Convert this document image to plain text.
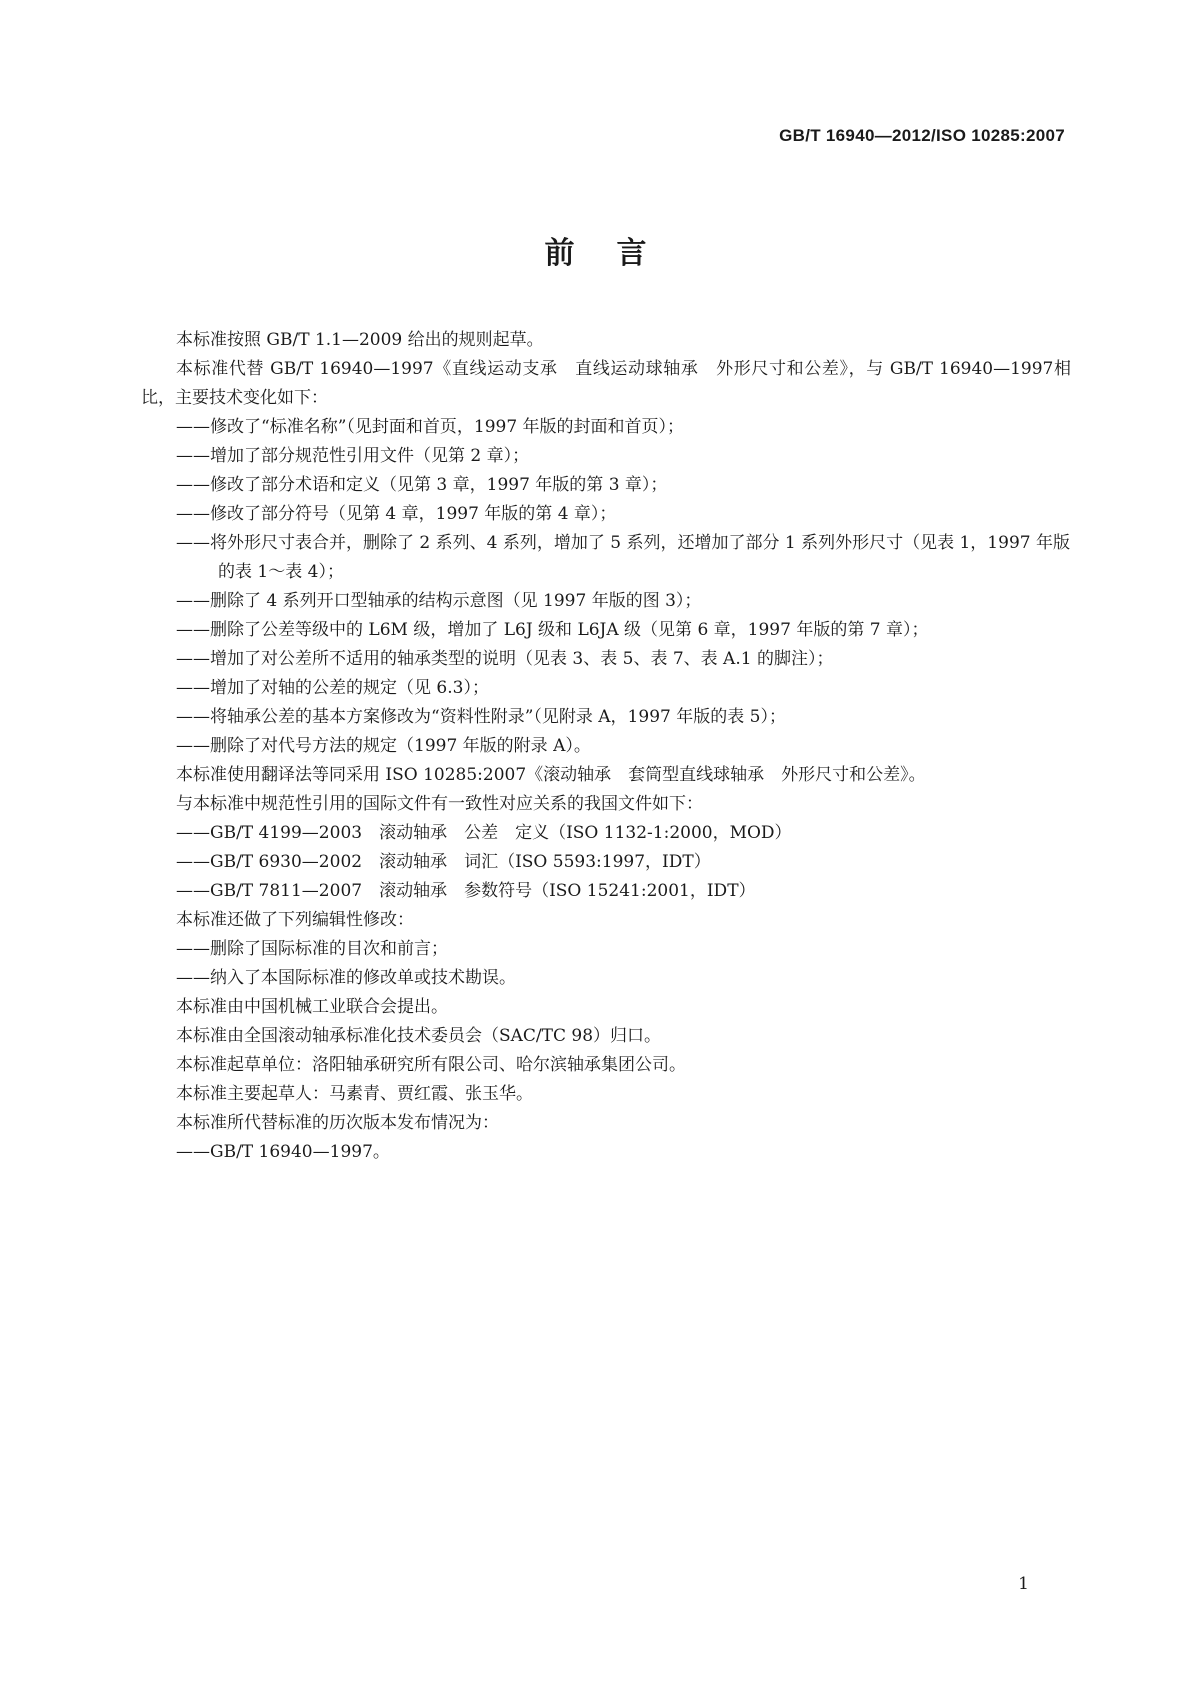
GB/T 16940—2012/ISO 10285:2007
前言
本标准按照 GB/T 1.1—2009 给出的规则起草。
本标准代替 GB/T 16940—1997《直线运动支承　直线运动球轴承　外形尺寸和公差》，与 GB/T 16940—1997相比，主要技术变化如下：
——修改了“标准名称”（见封面和首页，1997 年版的封面和首页）；
——增加了部分规范性引用文件（见第 2 章）；
——修改了部分术语和定义（见第 3 章，1997 年版的第 3 章）；
——修改了部分符号（见第 4 章，1997 年版的第 4 章）；
——将外形尺寸表合并，删除了 2 系列、4 系列，增加了 5 系列，还增加了部分 1 系列外形尺寸（见表 1，1997 年版的表 1～表 4）；
——删除了 4 系列开口型轴承的结构示意图（见 1997 年版的图 3）；
——删除了公差等级中的 L6M 级，增加了 L6J 级和 L6JA 级（见第 6 章，1997 年版的第 7 章）；
——增加了对公差所不适用的轴承类型的说明（见表 3、表 5、表 7、表 A.1 的脚注）；
——增加了对轴的公差的规定（见 6.3）；
——将轴承公差的基本方案修改为“资料性附录”（见附录 A，1997 年版的表 5）；
——删除了对代号方法的规定（1997 年版的附录 A）。
本标准使用翻译法等同采用 ISO 10285:2007《滚动轴承　套筒型直线球轴承　外形尺寸和公差》。
与本标准中规范性引用的国际文件有一致性对应关系的我国文件如下：
——GB/T 4199—2003　滚动轴承　公差　定义（ISO 1132-1:2000，MOD）
——GB/T 6930—2002　滚动轴承　词汇（ISO 5593:1997，IDT）
——GB/T 7811—2007　滚动轴承　参数符号（ISO 15241:2001，IDT）
本标准还做了下列编辑性修改：
——删除了国际标准的目次和前言；
——纳入了本国际标准的修改单或技术勘误。
本标准由中国机械工业联合会提出。
本标准由全国滚动轴承标准化技术委员会（SAC/TC 98）归口。
本标准起草单位：洛阳轴承研究所有限公司、哈尔滨轴承集团公司。
本标准主要起草人：马素青、贾红霞、张玉华。
本标准所代替标准的历次版本发布情况为：
——GB/T 16940—1997。
1
